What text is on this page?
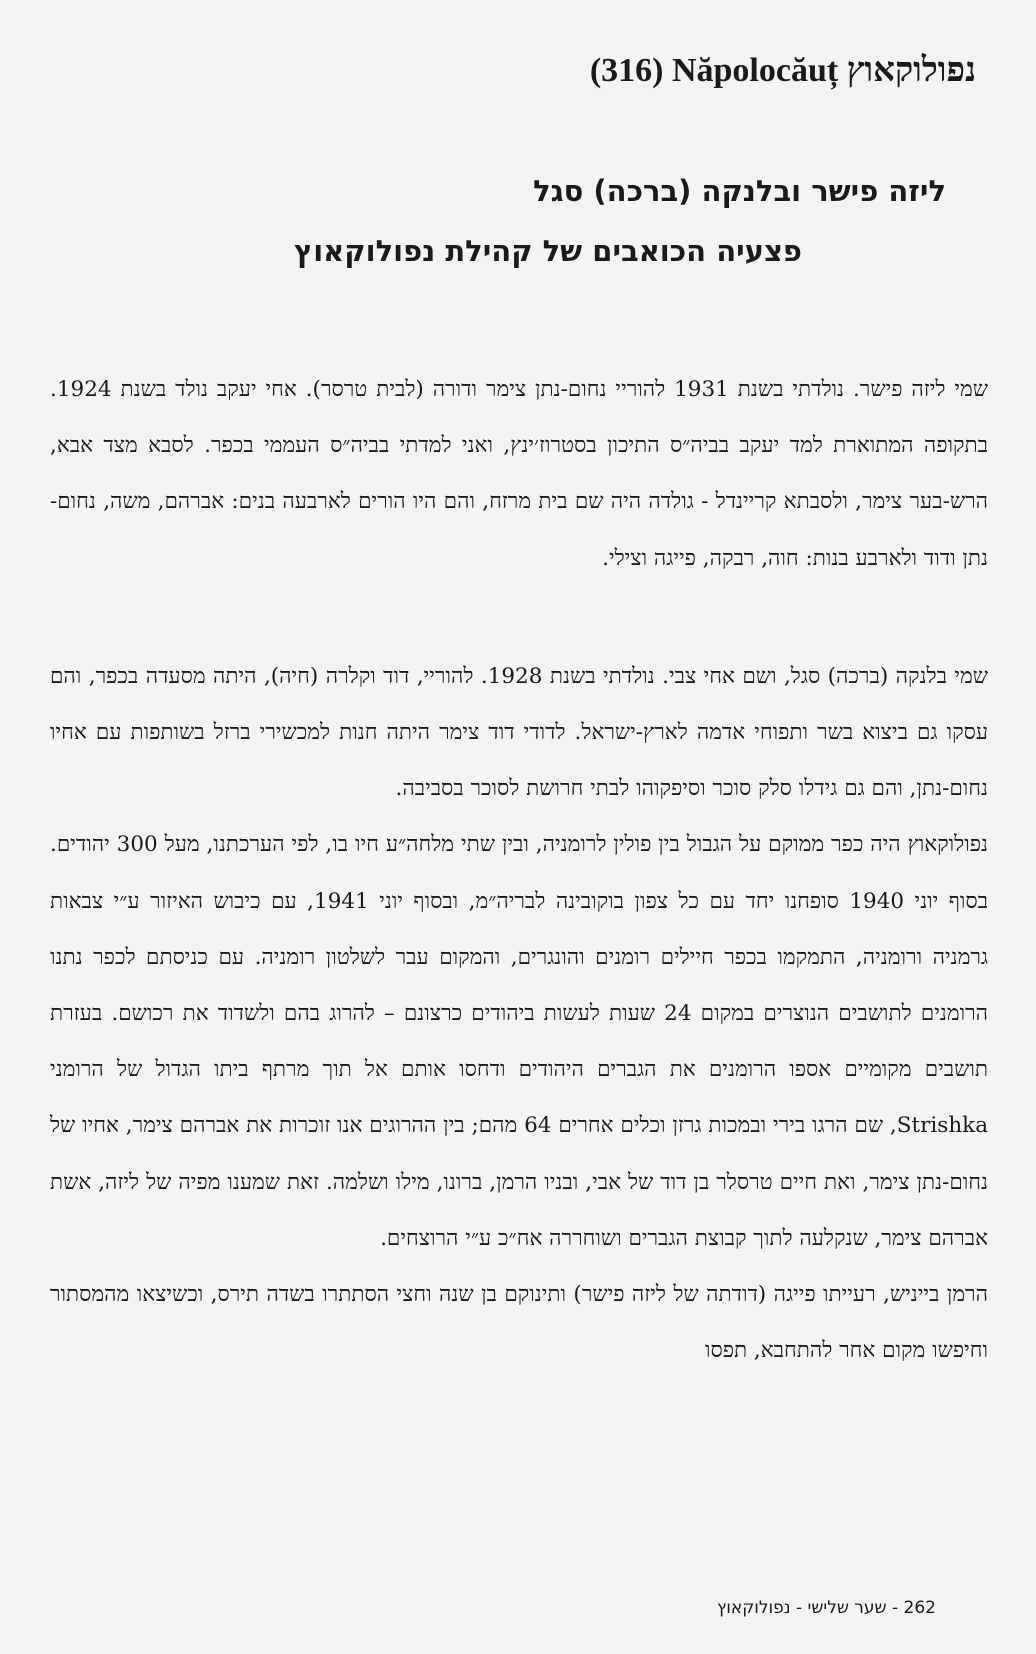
נפולוקאוץ (316) Năpolocăuț
ליזה פישר ובלנקה (ברכה) סגל
פצעיה הכואבים של קהילת נפולוקאוץ

שמי ליזה פישר. נולדתי בשנת 1931 להוריי נחום-נתן צימר ודורה (לבית טרסר). אחי יעקב נולד בשנת 1924. בתקופה המתוארת למד יעקב בביה״ס התיכון בסטרוז׳ינץ, ואני למדתי בביה״ס העממי בכפר. לסבא מצד אבא, הרש-בער צימר, ולסבתא קריינדל - גולדה היה שם בית מרזח, והם היו הורים לארבעה בנים: אברהם, משה, נחום- נתן ודוד ולארבע בנות: חוה, רבקה, פייגה וצילי.

שמי בלנקה (ברכה) סגל, ושם אחי צבי. נולדתי בשנת 1928. להוריי, דוד וקלרה (חיה), היתה מסעדה בכפר, והם עסקו גם ביצוא בשר ותפוחי אדמה לארץ-ישראל. לדודי דוד צימר היתה חנות למכשירי ברזל בשותפות עם אחיו נחום-נתן, והם גם גידלו סלק סוכר וסיפקוהו לבתי חרושת לסוכר בסביבה.

נפולוקאוץ היה כפר ממוקם על הגבול בין פולין לרומניה, ובין שתי מלחה״ע חיו בו, לפי הערכתנו, מעל 300 יהודים. בסוף יוני 1940 סופחנו יחד עם כל צפון בוקובינה לבריה״מ, ובסוף יוני 1941, עם כיבוש האיזור ע״י צבאות גרמניה ורומניה, התמקמו בכפר חיילים רומנים והונגרים, והמקום עבר לשלטון רומניה. עם כניסתם לכפר נתנו הרומנים לתושבים הנוצרים במקום 24 שעות לעשות ביהודים כרצונם – להרוג בהם ולשדוד את רכושם. בעזרת תושבים מקומיים אספו הרומנים את הגברים היהודים ודחסו אותם אל תוך מרתף ביתו הגדול של הרומני Strishka, שם הרגו בירי ובמכות גרזן וכלים אחרים 64 מהם; בין ההרוגים אנו זוכרות את אברהם צימר, אחיו של נחום-נתן צימר, ואת חיים טרסלר בן דוד של אבי, ובניו הרמן, ברונו, מילו ושלמה. זאת שמענו מפיה של ליזה, אשת אברהם צימר, שנקלעה לתוך קבוצת הגברים ושוחררה אח״כ ע״י הרוצחים.

הרמן בייניש, רעייתו פייגה (דודתה של ליזה פישר) ותינוקם בן שנה וחצי הסתתרו בשדה תירס, וכשיצאו מהמסתור וחיפשו מקום אחר להתחבא, תפסו

262 - שער שלישי - נפולוקאוץ
